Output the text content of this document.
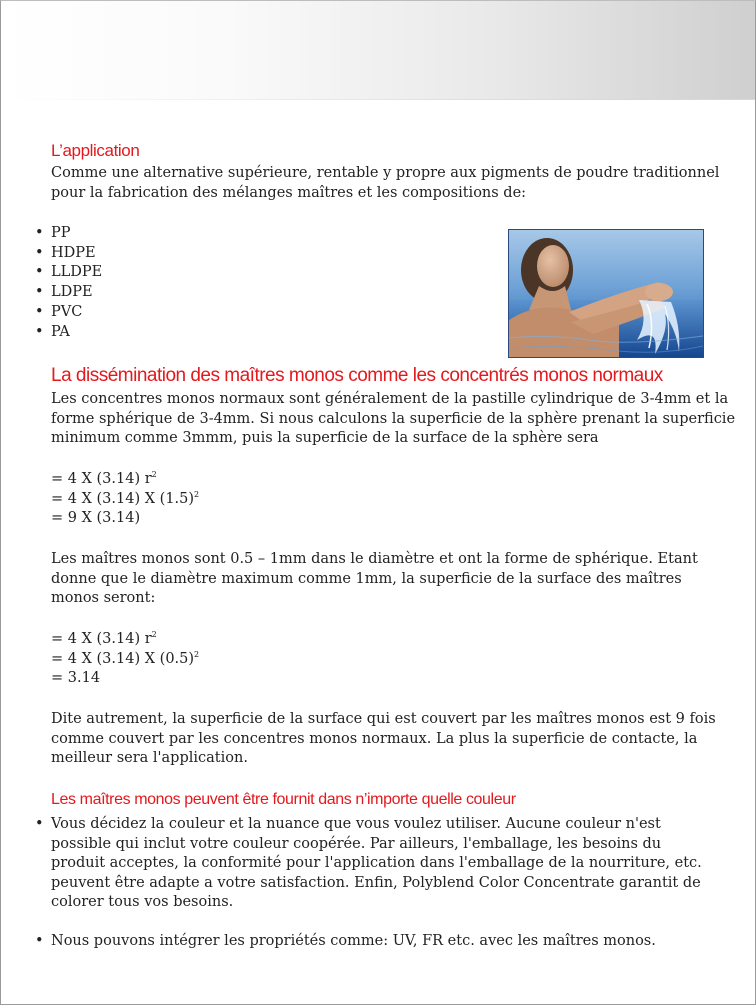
L’application

Comme une alternative supérieure, rentable y propre aux pigments de poudre traditionnel pour la fabrication des mélanges maîtres et les compositions de:

• PP
• HDPE
• LLDPE
• LDPE
• PVC
• PA
La dissémination des maîtres monos comme les concentrés monos normaux

Les concentres monos normaux sont généralement de la pastille cylindrique de 3-4mm et la forme sphérique de 3-4mm. Si nous calculons la superficie de la sphère prenant la superficie minimum comme 3mmm, puis la superficie de la surface de la sphère sera

= 4 X (3.14) $r^2$
= 4 X (3.14) X $(1.5)^2$
= 9 X (3.14)

Les maîtres monos sont 0.5 – 1mm dans le diamètre et ont la forme de sphérique. Etant donne que le diamètre maximum comme 1mm, la superficie de la surface des maîtres monos seront:

= 4 X (3.14) $r^2$
= 4 X (3.14) X $(0.5)^2$
= 3.14

Dite autrement, la superficie de la surface qui est couvert par les maîtres monos est 9 fois comme couvert par les concentres monos normaux. La plus la superficie de contacte, la meilleur sera l'application.

Les maîtres monos peuvent être fournit dans n’importe quelle couleur
• Vous décidez la couleur et la nuance que vous voulez utiliser. Aucune couleur n'est possible qui inclut votre couleur coopérée. Par ailleurs, l'emballage, les besoins du produit acceptes, la conformité pour l'application dans l'emballage de la nourriture, etc. peuvent être adapte a votre satisfaction. Enfin, Polyblend Color Concentrate garantit de colorer tous vos besoins.
• Nous pouvons intégrer les propriétés comme: UV, FR etc. avec les maîtres monos.
